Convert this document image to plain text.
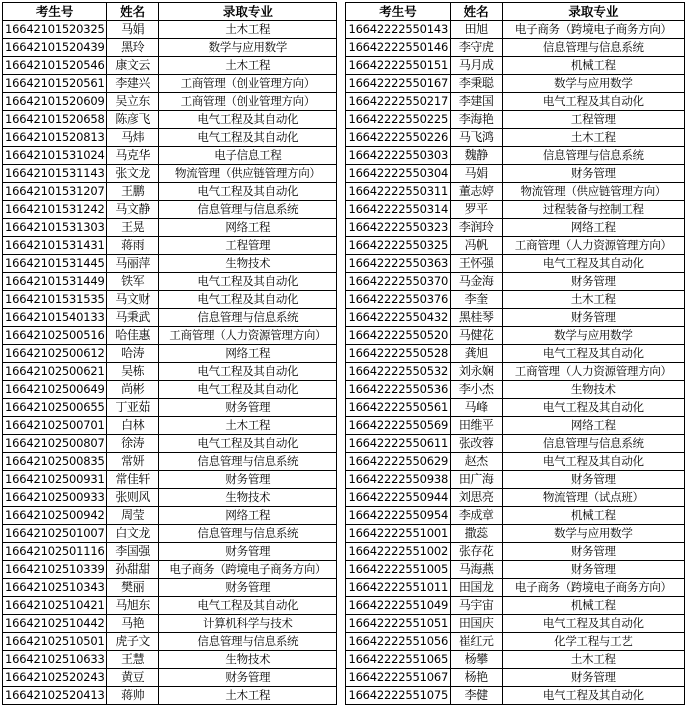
考生号	姓名	录取专业		考生号	姓名	录取专业
16642101520325	马娟	土木工程		16642222550143	田旭	电子商务（跨境电子商务方向）
16642101520439	黑玲	数学与应用数学		16642222550146	李守虎	信息管理与信息系统
16642101520546	康文云	土木工程		16642222550151	马月成	机械工程
16642101520561	李建兴	工商管理（创业管理方向）		16642222550167	李秉聪	数学与应用数学
16642101520609	吴立东	工商管理（创业管理方向）		16642222550217	李建国	电气工程及其自动化
16642101520658	陈彦飞	电气工程及其自动化		16642222550225	李海艳	工程管理
16642101520813	马炜	电气工程及其自动化		16642222550226	马飞鸿	土木工程
16642101531024	马克华	电子信息工程		16642222550303	魏静	信息管理与信息系统
16642101531143	张文龙	物流管理（供应链管理方向）		16642222550304	马娟	财务管理
16642101531207	王鹏	电气工程及其自动化		16642222550311	董志婷	物流管理（供应链管理方向）
16642101531242	马文静	信息管理与信息系统		16642222550314	罗平	过程装备与控制工程
16642101531303	王晃	网络工程		16642222550323	李润玲	网络工程
16642101531431	蒋雨	工程管理		16642222550325	冯帆	工商管理（人力资源管理方向）
16642101531445	马丽萍	生物技术		16642222550363	王怀强	电气工程及其自动化
16642101531449	铁军	电气工程及其自动化		16642222550370	马金海	财务管理
16642101531535	马文财	电气工程及其自动化		16642222550376	李奎	土木工程
16642101540133	马秉武	信息管理与信息系统		16642222550432	黑桂琴	财务管理
16642102500516	哈佳惠	工商管理（人力资源管理方向）		16642222550520	马健花	数学与应用数学
16642102500612	哈涛	网络工程		16642222550528	龚旭	电气工程及其自动化
16642102500621	吴栋	电气工程及其自动化		16642222550532	刘永娴	工商管理（人力资源管理方向）
16642102500649	尚彬	电气工程及其自动化		16642222550536	李小杰	生物技术
16642102500655	丁亚茹	财务管理		16642222550561	马峰	电气工程及其自动化
16642102500701	白林	土木工程		16642222550569	田维平	网络工程
16642102500807	徐涛	电气工程及其自动化		16642222550611	张改蓉	信息管理与信息系统
16642102500835	常妍	信息管理与信息系统		16642222550629	赵杰	电气工程及其自动化
16642102500931	常佳轩	财务管理		16642222550938	田广海	财务管理
16642102500933	张则风	生物技术		16642222550944	刘思亮	物流管理（试点班）
16642102500942	周莹	网络工程		16642222550954	李成章	机械工程
16642102501007	白文龙	信息管理与信息系统		16642222551001	撒蕊	数学与应用数学
16642102501116	李国强	财务管理		16642222551002	张存花	财务管理
16642102510339	孙甜甜	电子商务（跨境电子商务方向）		16642222551005	马海燕	财务管理
16642102510343	樊丽	财务管理		16642222551011	田国龙	电子商务（跨境电子商务方向）
16642102510421	马旭东	电气工程及其自动化		16642222551049	马宇宙	机械工程
16642102510442	马艳	计算机科学与技术		16642222551051	田国庆	电气工程及其自动化
16642102510501	虎子文	信息管理与信息系统		16642222551056	崔红元	化学工程与工艺
16642102510633	王慧	生物技术		16642222551065	杨攀	土木工程
16642102520243	黄豆	财务管理		16642222551067	杨艳	财务管理
16642102520413	蒋帅	土木工程		16642222551075	李健	电气工程及其自动化
